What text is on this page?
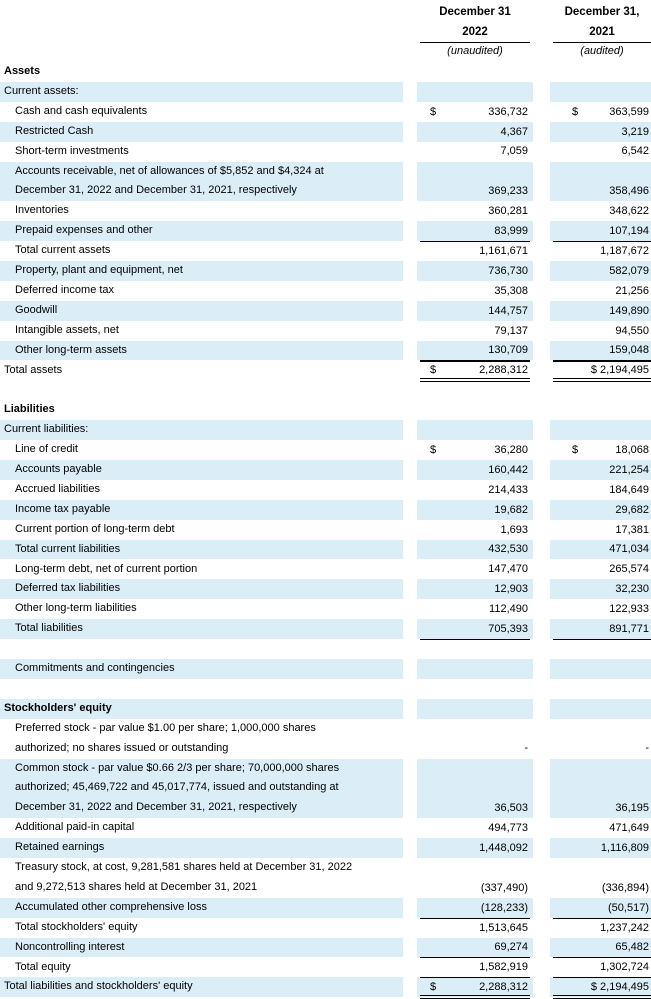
December 31
2022
(unaudited)
December 31,
2021
(audited)
Assets
Current assets:
Cash and cash equivalents	336,732	363,599
$	$
Restricted Cash	4,367	3,219
Short-term investments	7,059	6,542
Accounts receivable, net of allowances of $5,852 and $4,324 at
December 31, 2022 and December 31, 2021, respectively	369,233	358,496
Inventories	360,281	348,622
Prepaid expenses and other	83,999	107,194
Total current assets	1,161,671	1,187,672
Property, plant and equipment, net	736,730	582,079
Deferred income tax	35,308	21,256
Goodwill	144,757	149,890
Intangible assets, net	79,137	94,550
Other long-term assets	130,709	159,048
Total assets	2,288,312	$ 2,194,495
$
Liabilities
Current liabilities:
Line of credit	36,280	18,068
$	$
Accounts payable	160,442	221,254
Accrued liabilities	214,433	184,649
Income tax payable	19,682	29,682
Current portion of long-term debt	1,693	17,381
Total current liabilities	432,530	471,034
Long-term debt, net of current portion	147,470	265,574
Deferred tax liabilities	12,903	32,230
Other long-term liabilities	112,490	122,933
Total liabilities	705,393	891,771
Commitments and contingencies
Stockholders' equity
Preferred stock - par value $1.00 per share; 1,000,000 shares
authorized; no shares issued or outstanding	-	-
Common stock - par value $0.66 2/3 per share; 70,000,000 shares
authorized; 45,469,722 and 45,017,774, issued and outstanding at
December 31, 2022 and December 31, 2021, respectively	36,503	36,195
Additional paid-in capital	494,773	471,649
Retained earnings	1,448,092	1,116,809
Treasury stock, at cost, 9,281,581 shares held at December 31, 2022
and 9,272,513 shares held at December 31, 2021	(337,490)	(336,894)
Accumulated other comprehensive loss	(128,233)	(50,517)
Total stockholders' equity	1,513,645	1,237,242
Noncontrolling interest	69,274	65,482
Total equity	1,582,919	1,302,724
Total liabilities and stockholders' equity	2,288,312	$ 2,194,495
$
